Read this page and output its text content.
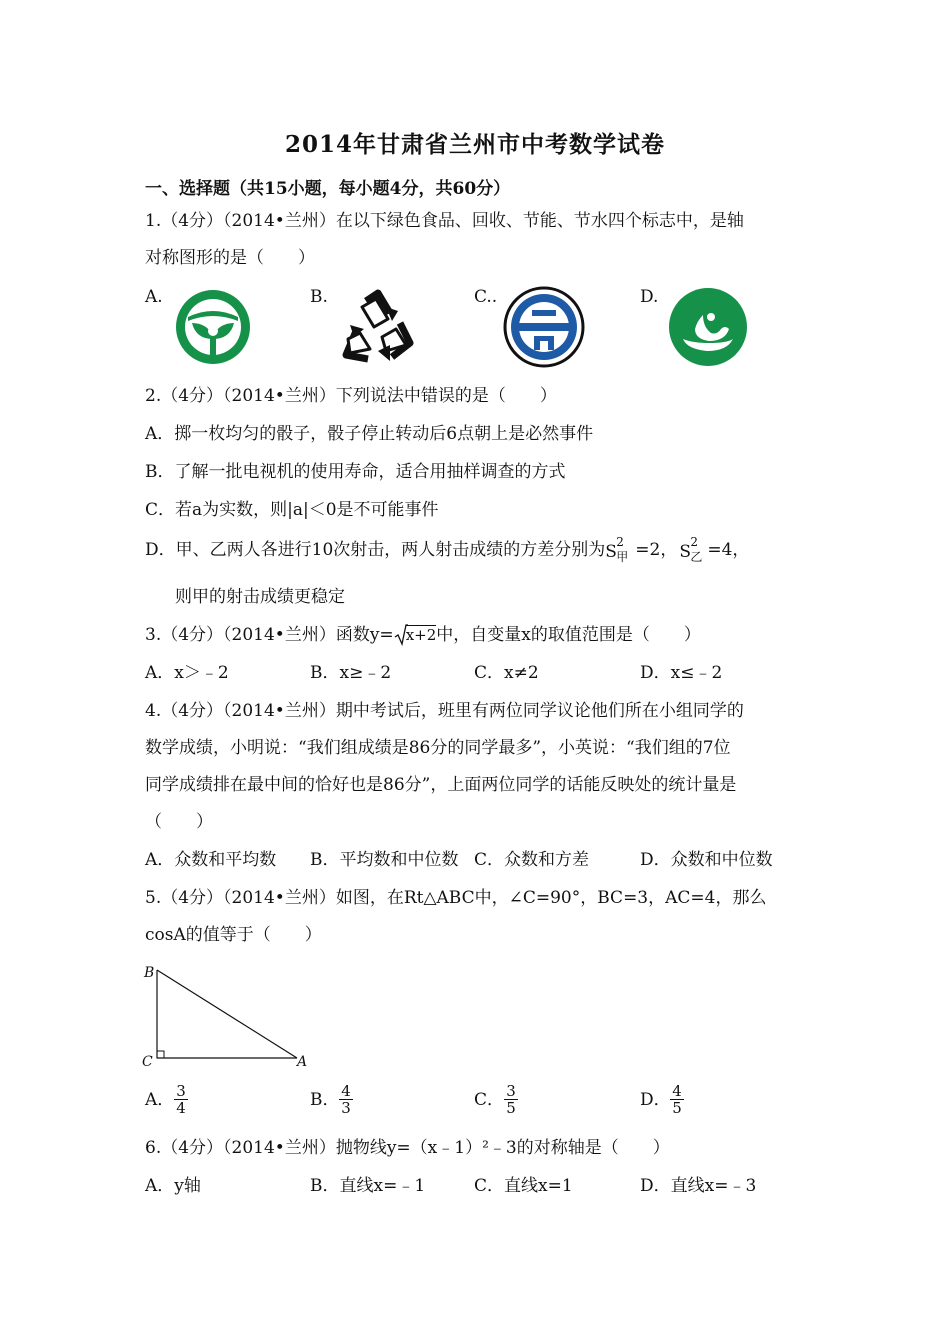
2014年甘肃省兰州市中考数学试卷
一、选择题（共15小题，每小题4分，共60分）
1.（4分）（2014•兰州）在以下绿色食品、回收、节能、节水四个标志中，是轴
对称图形的是（　　）
A.	B.	C..	D.
2.（4分）（2014•兰州）下列说法中错误的是（　　）
A．掷一枚均匀的骰子，骰子停止转动后6点朝上是必然事件
B．了解一批电视机的使用寿命，适合用抽样调查的方式
C．若a为实数，则|a|＜0是不可能事件
D．甲、乙两人各进行10次射击，两人射击成绩的方差分别为 S 2
甲 =2， S 2
乙 =4，
则甲的射击成绩更稳定
3.（4分）（2014•兰州）函数y= x+2中，自变量x的取值范围是（　　）
A．x＞﹣2	B．x≥﹣2	C．x≠2	D．x≤﹣2
4.（4分）（2014•兰州）期中考试后，班里有两位同学议论他们所在小组同学的
数学成绩，小明说：“我们组成绩是86分的同学最多”，小英说：“我们组的7位
同学成绩排在最中间的恰好也是86分”，上面两位同学的话能反映处的统计量是
（　　）
A．众数和平均数 B．平均数和中位数 C．众数和方差	D．众数和中位数
5.（4分）（2014•兰州）如图，在Rt△ABC中，∠C=90°，BC=3，AC=4，那么
cosA的值等于（　　）
B
C	A
A． $\frac{3}{4}$	B． $\frac{4}{3}$	C． $\frac{3}{5}$	D． $\frac{4}{5}$
6.（4分）（2014•兰州）抛物线y=（x﹣1）²﹣3的对称轴是（　　）
A．y轴	B．直线x=﹣1	C．直线x=1	D．直线x=﹣3
